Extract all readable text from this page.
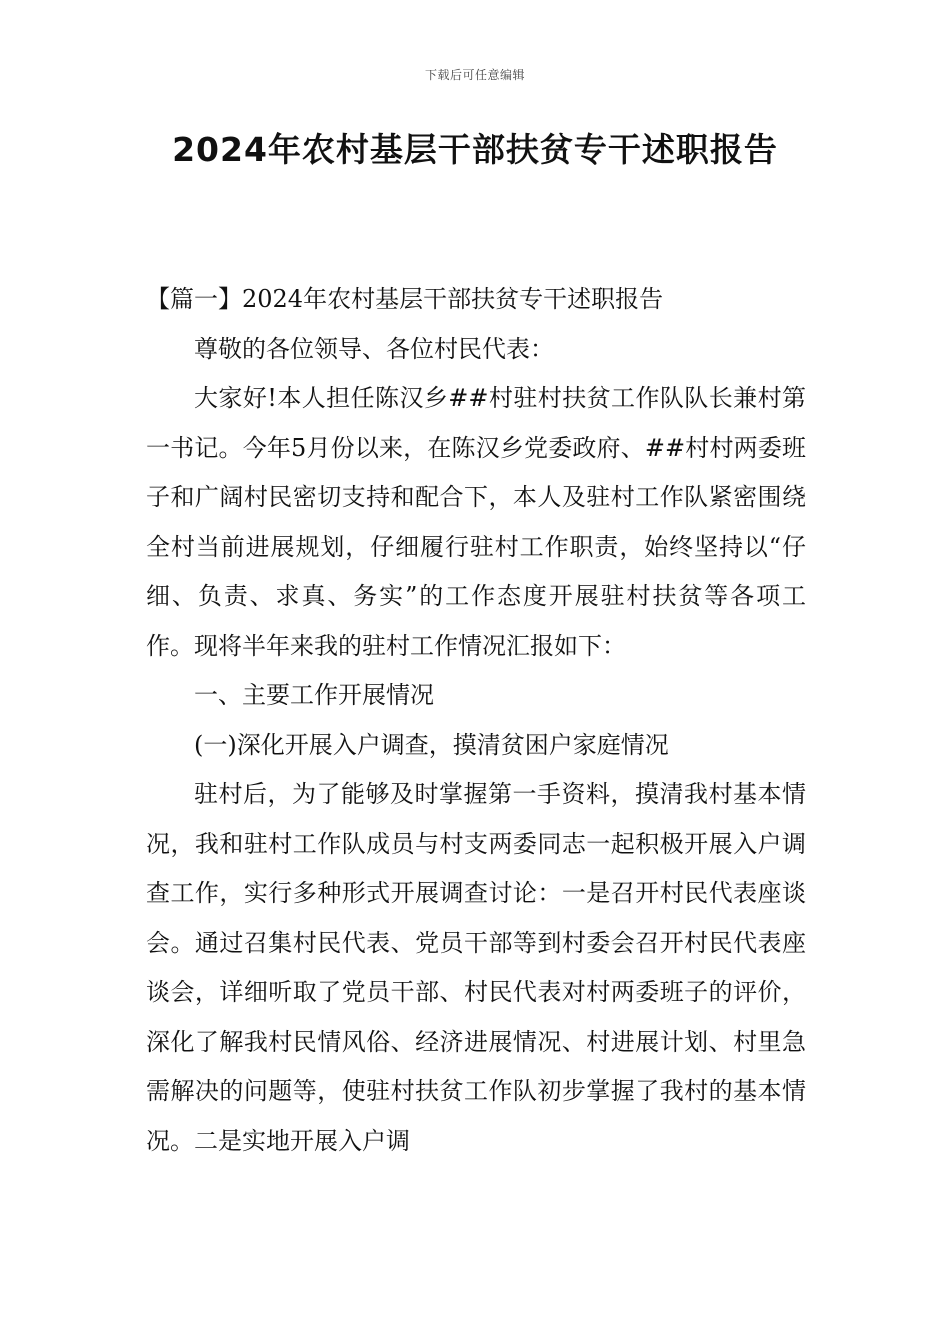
下载后可任意编辑
2024年农村基层干部扶贫专干述职报告

【篇一】2024年农村基层干部扶贫专干述职报告

尊敬的各位领导、各位村民代表：

大家好!本人担任陈汉乡##村驻村扶贫工作队队长兼村第一书记。今年5月份以来，在陈汉乡党委政府、##村村两委班子和广阔村民密切支持和配合下，本人及驻村工作队紧密围绕全村当前进展规划，仔细履行驻村工作职责，始终坚持以“仔细、负责、求真、务实”的工作态度开展驻村扶贫等各项工作。现将半年来我的驻村工作情况汇报如下：

一、主要工作开展情况

(一)深化开展入户调查，摸清贫困户家庭情况

驻村后，为了能够及时掌握第一手资料，摸清我村基本情况，我和驻村工作队成员与村支两委同志一起积极开展入户调查工作，实行多种形式开展调查讨论：一是召开村民代表座谈会。通过召集村民代表、党员干部等到村委会召开村民代表座谈会，详细听取了党员干部、村民代表对村两委班子的评价，深化了解我村民情风俗、经济进展情况、村进展计划、村里急需解决的问题等，使驻村扶贫工作队初步掌握了我村的基本情况。二是实地开展入户调
